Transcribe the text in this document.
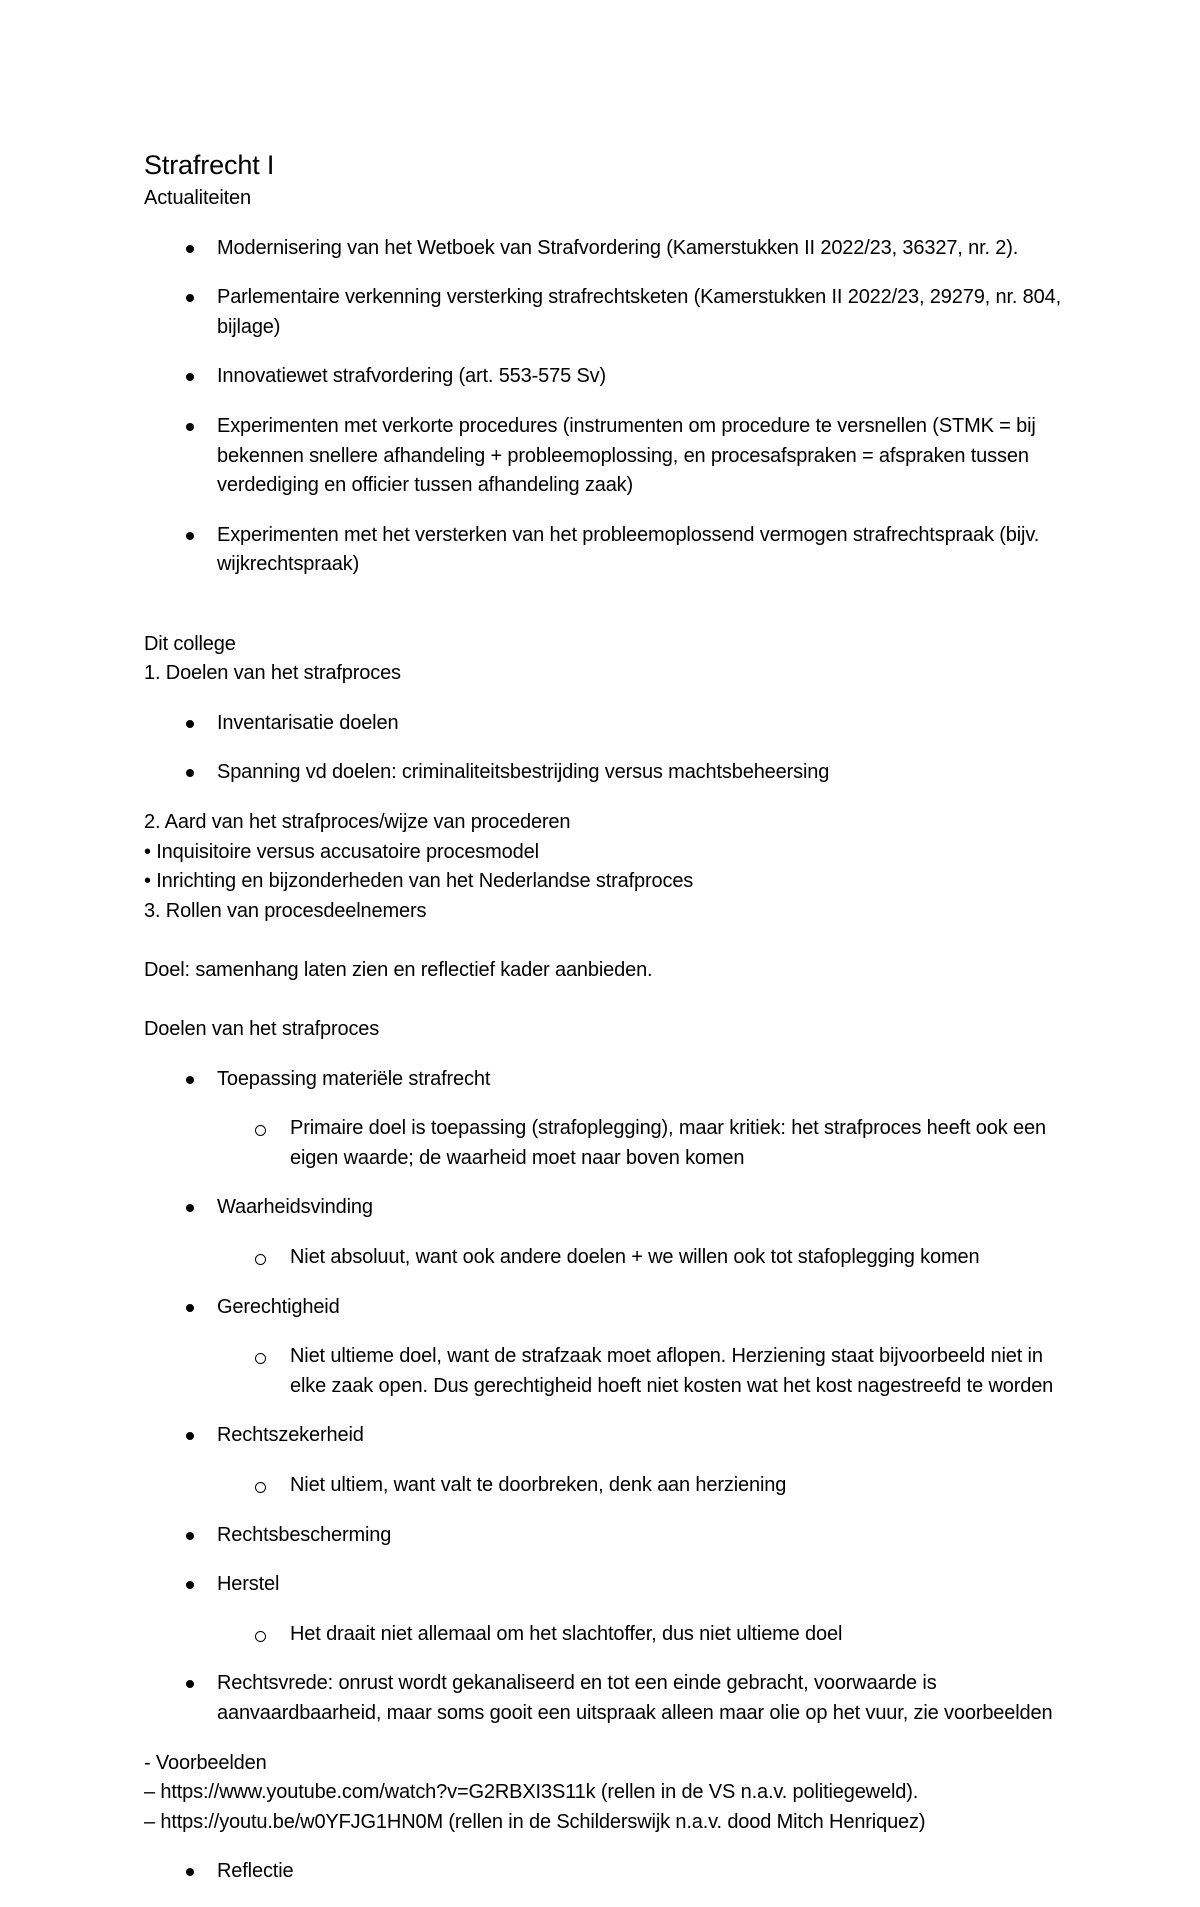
Strafrecht I

Actualiteiten

Modernisering van het Wetboek van Strafvordering (Kamerstukken II 2022/23, 36327, nr. 2).

Parlementaire verkenning versterking strafrechtsketen (Kamerstukken II 2022/23, 29279, nr. 804, bijlage)

Innovatiewet strafvordering (art. 553-575 Sv)

Experimenten met verkorte procedures (instrumenten om procedure te versnellen (STMK = bij bekennen snellere afhandeling + probleemoplossing, en procesafspraken = afspraken tussen verdediging en officier tussen afhandeling zaak)

Experimenten met het versterken van het probleemoplossend vermogen strafrechtspraak (bijv. wijkrechtspraak)

Dit college

1. Doelen van het strafproces

Inventarisatie doelen

Spanning vd doelen: criminaliteitsbestrijding versus machtsbeheersing

2. Aard van het strafproces/wijze van procederen

• Inquisitoire versus accusatoire procesmodel

• Inrichting en bijzonderheden van het Nederlandse strafproces

3. Rollen van procesdeelnemers

Doel: samenhang laten zien en reflectief kader aanbieden.

Doelen van het strafproces

Toepassing materiële strafrecht

Primaire doel is toepassing (strafoplegging), maar kritiek: het strafproces heeft ook een eigen waarde; de waarheid moet naar boven komen

Waarheidsvinding

Niet absoluut, want ook andere doelen + we willen ook tot stafoplegging komen

Gerechtigheid

Niet ultieme doel, want de strafzaak moet aflopen. Herziening staat bijvoorbeeld niet in elke zaak open. Dus gerechtigheid hoeft niet kosten wat het kost nagestreefd te worden

Rechtszekerheid

Niet ultiem, want valt te doorbreken, denk aan herziening

Rechtsbescherming

Herstel

Het draait niet allemaal om het slachtoffer, dus niet ultieme doel

Rechtsvrede: onrust wordt gekanaliseerd en tot een einde gebracht, voorwaarde is aanvaardbaarheid, maar soms gooit een uitspraak alleen maar olie op het vuur, zie voorbeelden

- Voorbeelden

– https://www.youtube.com/watch?v=G2RBXI3S11k (rellen in de VS n.a.v. politiegeweld).

– https://youtu.be/w0YFJG1HN0M (rellen in de Schilderswijk n.a.v. dood Mitch Henriquez)

Reflectie
